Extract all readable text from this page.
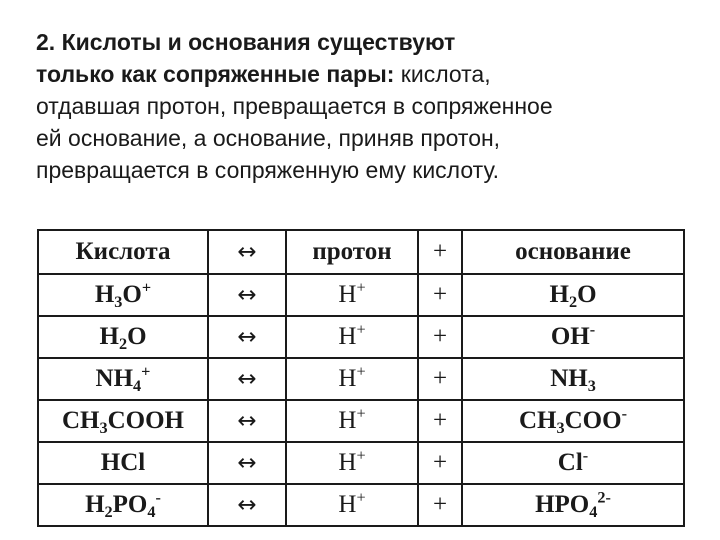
2. Кислоты и основания существуют
только как сопряженные пары: кислота,
отдавшая протон, превращается в сопряженное
ей основание, а основание, приняв протон,
превращается в сопряженную ему кислоту.
Кислота	↔	протон	+	основание
$H_3O^+$	↔	H+	+	$H_2O$
$H_2O$	↔	H+	+	OH-
$NH_4^+$	↔	H+	+	$NH_3$
$CH_3COOH$	↔	H+	+	$CH_3COO^-$
HCl	↔	H+	+	Cl-
$H_2PO_4^-$	↔	H+	+	$HPO_4^{2-}$
